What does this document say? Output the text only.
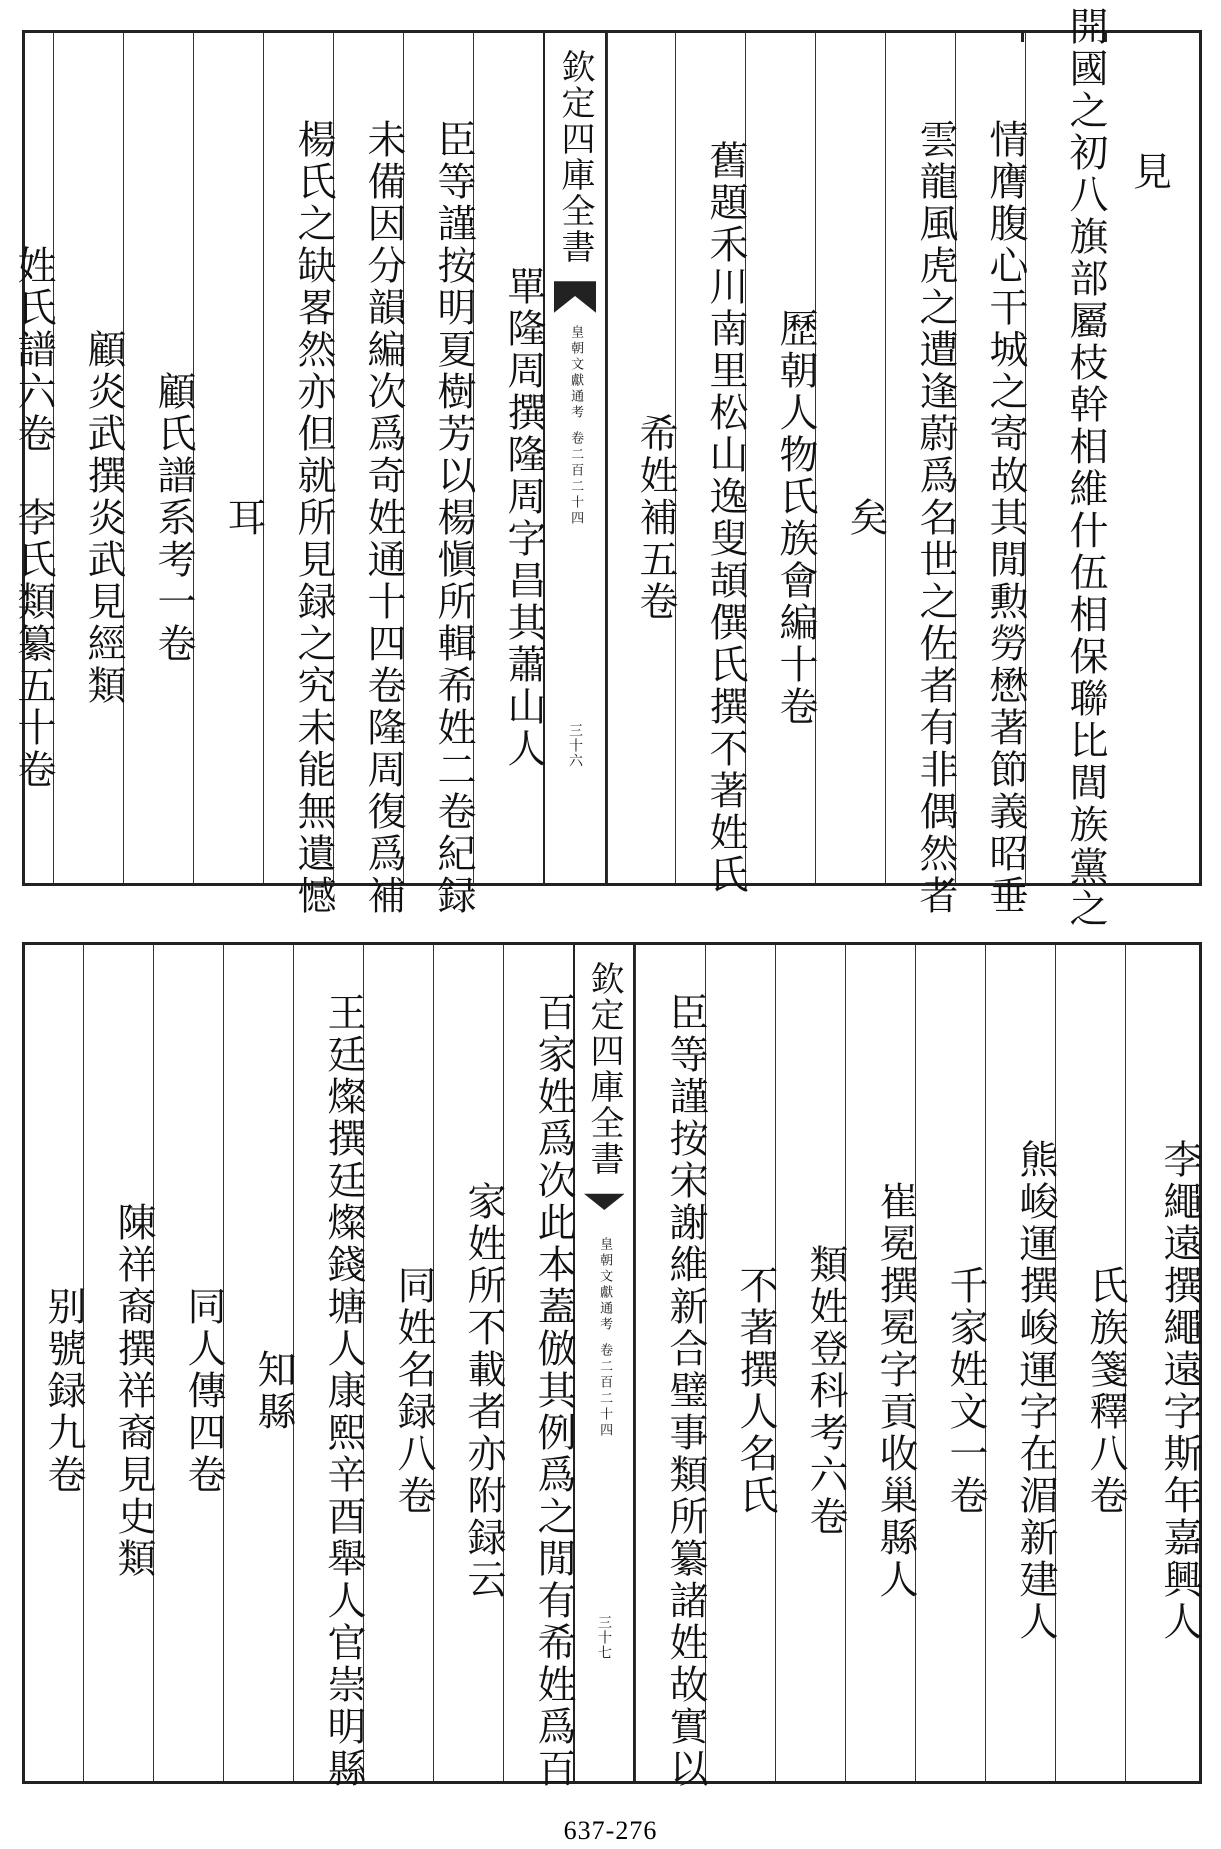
見
開國之初八旗部屬枝幹相維什伍相保聯比閭族黨之
情膺腹心干城之寄故其閒勲勞懋著節義昭垂
雲龍風虎之遭逢蔚爲名世之佐者有非偶然者
矣
歷朝人物氏族會編十卷
舊題禾川南里松山逸叟頡僎氏撰不著姓氏
希姓補五卷
欽定四庫全書
皇朝文獻通考
卷二百二十四
三十六
單隆周撰隆周字昌其蕭山人
臣等謹按明夏樹芳以楊愼所輯希姓二卷紀録
未備因分韻編次爲奇姓通十四卷隆周復爲補
楊氏之缺畧然亦但就所見録之究未能無遺憾
耳
顧氏譜系考一卷
顧炎武撰炎武見經類
姓氏譜六卷　李氏類纂五十卷
李繩遠撰繩遠字斯年嘉興人
氏族箋釋八卷
熊峻運撰峻運字在湄新建人
千家姓文一卷
崔冕撰冕字貢收巢縣人
類姓登科考六卷
不著撰人名氏
臣等謹按宋謝維新合璧事類所纂諸姓故實以
欽定四庫全書
皇朝文獻通考
卷二百二十四
三十七
百家姓爲次此本蓋倣其例爲之閒有希姓爲百
家姓所不載者亦附録云
同姓名録八卷
王廷燦撰廷燦錢塘人康熙辛酉舉人官崇明縣
知縣
同人傳四卷
陳祥裔撰祥裔見史類
别號録九卷
637-276
